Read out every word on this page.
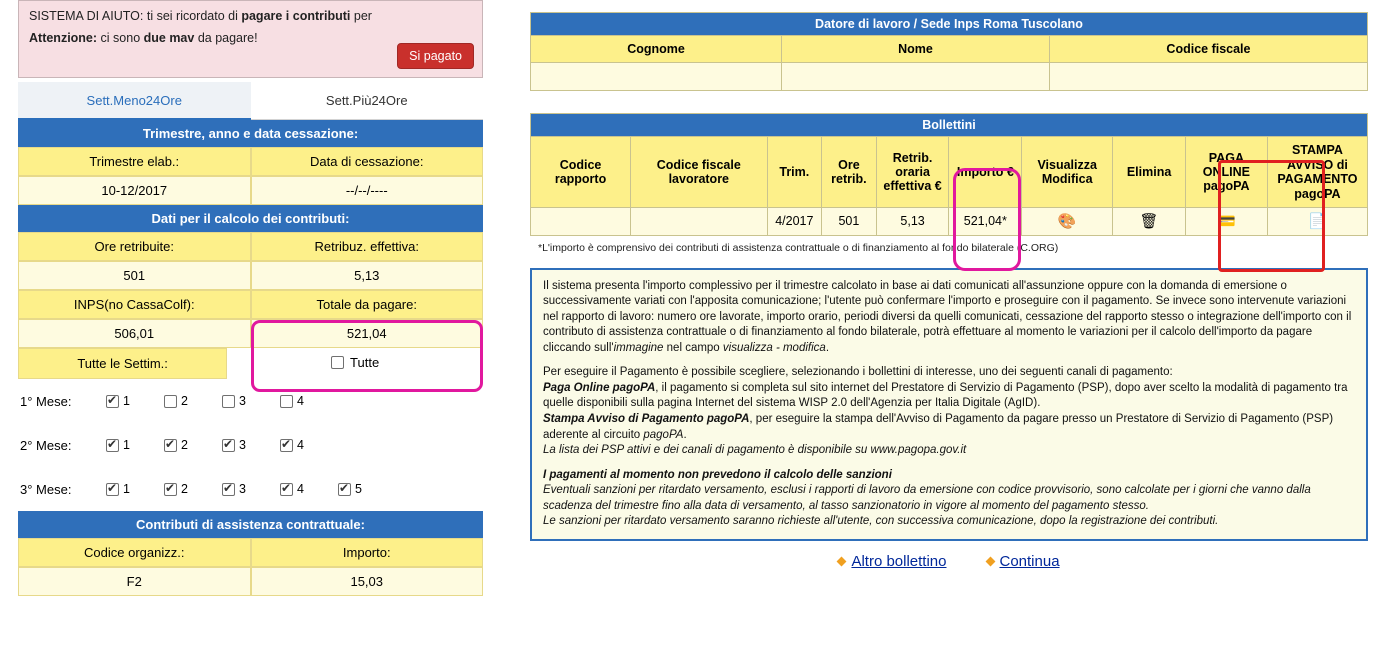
SISTEMA DI AIUTO: ti sei ricordato di pagare i contributi per
Attenzione: ci sono due mav da pagare!
Si pagato
Sett.Meno24Ore	Sett.Più24Ore
Trimestre, anno e data cessazione:
Trimestre elab.:	Data di cessazione:
10-12/2017	--/--/----
Dati per il calcolo dei contributi:
Ore retribuite:	Retribuz. effettiva:
501	5,13
INPS(no CassaColf):	Totale da pagare:
506,01	521,04
Tutte le Settim.:	Tutte
1° Mese: ✔	1	2	3	4
2° Mese: ✔	1 ✔	2 ✔	3 ✔	4
3° Mese: ✔	1 ✔	2 ✔	3 ✔	4 ✔	5
Contributi di assistenza contrattuale:
Codice organizz.:	Importo:
F2	15,03
Datore di lavoro / Sede Inps Roma Tuscolano		
Cognome	Nome	Codice fiscale

Bollettini									
Codice rapporto	Codice fiscale lavoratore	Trim.	Ore retrib.	Retrib. oraria effettiva €	Importo €	Visualizza Modifica	Elimina	PAGA ONLINE pagoPA	STAMPA AVVISO di PAGAMENTO pagoPA
		4/2017	501	5,13	521,04*	🎨	🗑	💳	📄
*L'importo è comprensivo dei contributi di assistenza contrattuale o di finanziamento al fondo bilaterale (C.ORG)

Il sistema presenta l'importo complessivo per il trimestre calcolato in base ai dati comunicati all'assunzione oppure con la domanda di emersione o successivamente variati con l'apposita comunicazione; l'utente può confermare l'importo e proseguire con il pagamento. Se invece sono intervenute variazioni nel rapporto di lavoro: numero ore lavorate, importo orario, periodi diversi da quelli comunicati, cessazione del rapporto stesso o integrazione dell'importo con il contributo di assistenza contrattuale o di finanziamento al fondo bilaterale, potrà effettuare al momento le variazioni per il calcolo dell'importo da pagare cliccando sull'immagine nel campo visualizza - modifica.

Per eseguire il Pagamento è possibile scegliere, selezionando i bollettini di interesse, uno dei seguenti canali di pagamento:
Paga Online pagoPA, il pagamento si completa sul sito internet del Prestatore di Servizio di Pagamento (PSP), dopo aver scelto la modalità di pagamento tra quelle disponibili sulla pagina Internet del sistema WISP 2.0 dell'Agenzia per Italia Digitale (AgID).
Stampa Avviso di Pagamento pagoPA, per eseguire la stampa dell'Avviso di Pagamento da pagare presso un Prestatore di Servizio di Pagamento (PSP) aderente al circuito pagoPA.
La lista dei PSP attivi e dei canali di pagamento è disponibile su www.pagopa.gov.it

I pagamenti al momento non prevedono il calcolo delle sanzioni
Eventuali sanzioni per ritardato versamento, esclusi i rapporti di lavoro da emersione con codice provvisorio, sono calcolate per i giorni che vanno dalla scadenza del trimestre fino alla data di versamento, al tasso sanzionatorio in vigore al momento del pagamento stesso.
Le sanzioni per ritardato versamento saranno richieste all'utente, con successiva comunicazione, dopo la registrazione dei contributi.

Altro bollettino	Continua
